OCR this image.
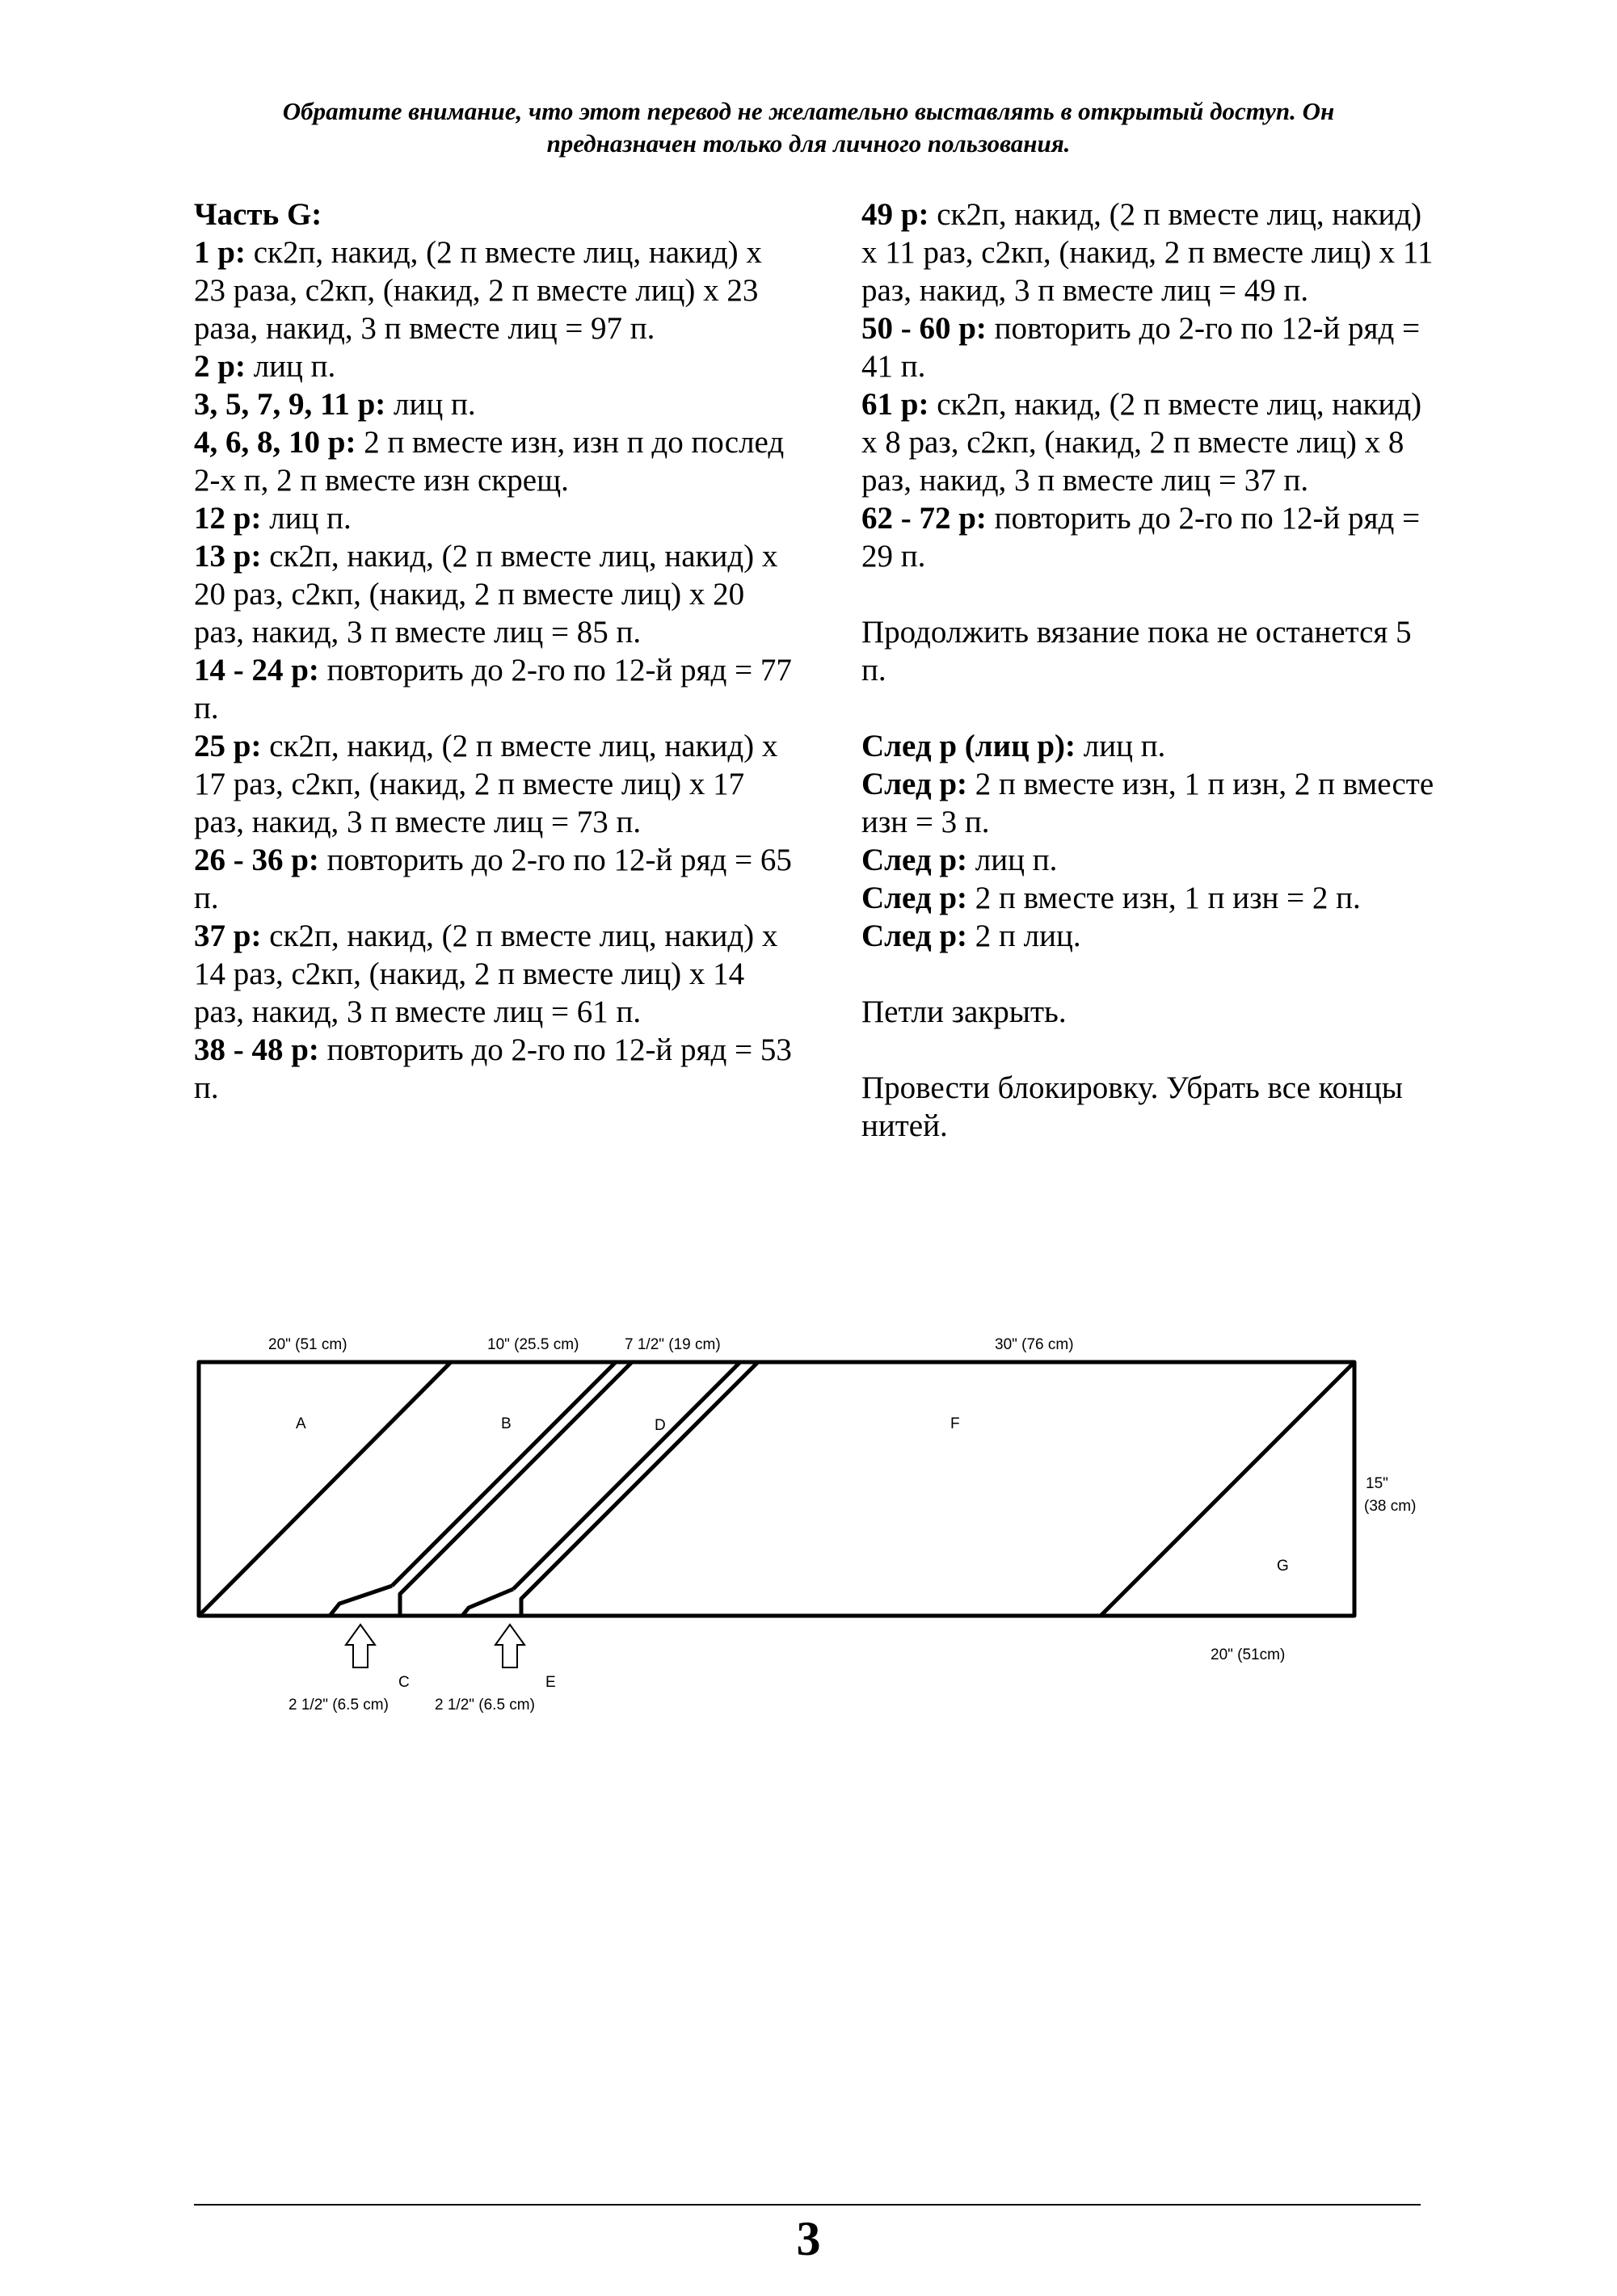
Обратите внимание, что этот перевод не желательно выставлять в открытый доступ. Он
предназначен только для личного пользования.

Часть G:

1 р: ск2п, накид, (2 п вместе лиц, накид) х 23 раза, с2кп, (накид, 2 п вместе лиц) х 23 раза, накид, 3 п вместе лиц = 97 п.

2 р: лиц п.

3, 5, 7, 9, 11 р: лиц п.

4, 6, 8, 10 р: 2 п вместе изн, изн п до послед 2-х п, 2 п вместе изн скрещ.

12 р: лиц п.

13 р: ск2п, накид, (2 п вместе лиц, накид) х 20 раз, с2кп, (накид, 2 п вместе лиц) х 20 раз, накид, 3 п вместе лиц = 85 п.

14 - 24 р: повторить до 2-го по 12-й ряд = 77 п.

25 р: ск2п, накид, (2 п вместе лиц, накид) х 17 раз, с2кп, (накид, 2 п вместе лиц) х 17 раз, накид, 3 п вместе лиц = 73 п.

26 - 36 р: повторить до 2-го по 12-й ряд = 65 п.

37 р: ск2п, накид, (2 п вместе лиц, накид) х 14 раз, с2кп, (накид, 2 п вместе лиц) х 14 раз, накид, 3 п вместе лиц = 61 п.

38 - 48 р: повторить до 2-го по 12-й ряд = 53 п.

49 р: ск2п, накид, (2 п вместе лиц, накид) х 11 раз, с2кп, (накид, 2 п вместе лиц) х 11 раз, накид, 3 п вместе лиц = 49 п.

50 - 60 р: повторить до 2-го по 12-й ряд = 41 п.

61 р: ск2п, накид, (2 п вместе лиц, накид) х 8 раз, с2кп, (накид, 2 п вместе лиц) х 8 раз, накид, 3 п вместе лиц = 37 п.

62 - 72 р: повторить до 2-го по 12-й ряд = 29 п.

Продолжить вязание пока не останется 5 п.

След р (лиц р): лиц п.

След р: 2 п вместе изн, 1 п изн, 2 п вместе изн = 3 п.

След р: лиц п.

След р: 2 п вместе изн, 1 п изн = 2 п.

След р: 2 п лиц.

Петли закрыть.

Провести блокировку. Убрать все концы нитей.

20" (51 cm)	10" (25.5 cm)	7 1/2" (19 cm)	30" (76 cm)
15"
(38 cm)
20" (51cm)
A	B	D	F
G
C	E
2 1/2" (6.5 cm)	2 1/2" (6.5 cm)
3
